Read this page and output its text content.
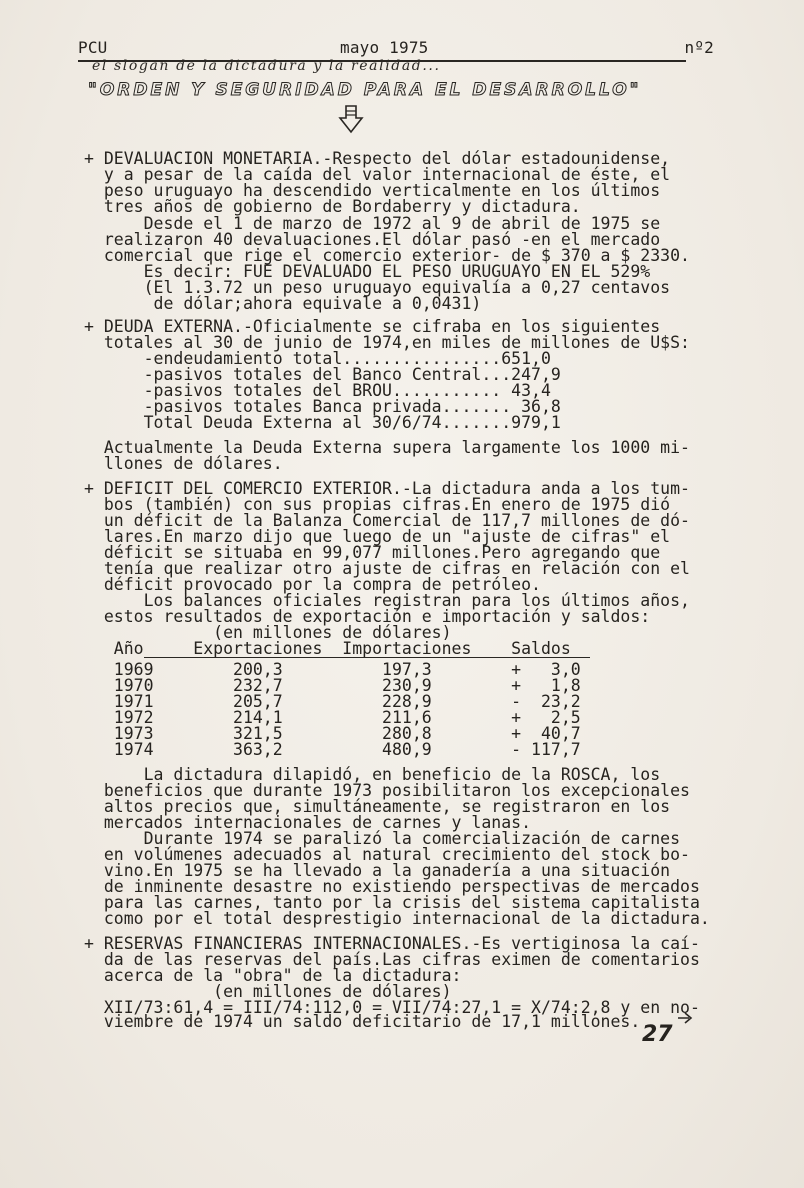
PCU	mayo 1975	nº2
el slogan de la dictadura y la realidad...
"ORDEN Y SEGURIDAD PARA EL DESARROLLO"
+ DEVALUACION MONETARIA.-Respecto del dólar estadounidense,
y a pesar de la caída del valor internacional de éste, el
peso uruguayo ha descendido verticalmente en los últimos
tres años de gobierno de Bordaberry y dictadura.
Desde el 1 de marzo de 1972 al 9 de abril de 1975 se
realizaron 40 devaluaciones.El dólar pasó -en el mercado
comercial que rige el comercio exterior- de $ 370 a $ 2330.
Es decir: FUE DEVALUADO EL PESO URUGUAYO EN EL 529%
(El 1.3.72 un peso uruguayo equivalía a 0,27 centavos
de dólar;ahora equivale a 0,0431)
+ DEUDA EXTERNA.-Oficialmente se cifraba en los siguientes
totales al 30 de junio de 1974,en miles de millones de U$S:
-endeudamiento total................651,0
-pasivos totales del Banco Central...247,9
-pasivos totales del BROU........... 43,4
-pasivos totales Banca privada....... 36,8
Total Deuda Externa al 30/6/74.......979,1
Actualmente la Deuda Externa supera largamente los 1000 mi-
llones de dólares.
+ DEFICIT DEL COMERCIO EXTERIOR.-La dictadura anda a los tum-
bos (también) con sus propias cifras.En enero de 1975 dió
un déficit de la Balanza Comercial de 117,7 millones de dó-
lares.En marzo dijo que luego de un "ajuste de cifras" el
déficit se situaba en 99,077 millones.Pero agregando que
tenía que realizar otro ajuste de cifras en relación con el
déficit provocado por la compra de petróleo.
Los balances oficiales registran para los últimos años,
estos resultados de exportación e importación y saldos:
(en millones de dólares)
Año     Exportaciones  Importaciones    Saldos
1969        200,3          197,3        +   3,0
1970        232,7          230,9        +   1,8
1971        205,7          228,9        -  23,2
1972        214,1          211,6        +   2,5
1973        321,5          280,8        +  40,7
1974        363,2          480,9        - 117,7
La dictadura dilapidó, en beneficio de la ROSCA, los
beneficios que durante 1973 posibilitaron los excepcionales
altos precios que, simultáneamente, se registraron en los
mercados internacionales de carnes y lanas.
Durante 1974 se paralizó la comercialización de carnes
en volúmenes adecuados al natural crecimiento del stock bo-
vino.En 1975 se ha llevado a la ganadería a una situación
de inminente desastre no existiendo perspectivas de mercados
para las carnes, tanto por la crisis del sistema capitalista
como por el total desprestigio internacional de la dictadura.
+ RESERVAS FINANCIERAS INTERNACIONALES.-Es vertiginosa la caí-
da de las reservas del país.Las cifras eximen de comentarios
acerca de la "obra" de la dictadura:
(en millones de dólares)
XII/73:61,4 = III/74:112,0 = VII/74:27,1 = X/74:2,8 y en no-
viembre de 1974 un saldo deficitario de 17,1 millones.
27
